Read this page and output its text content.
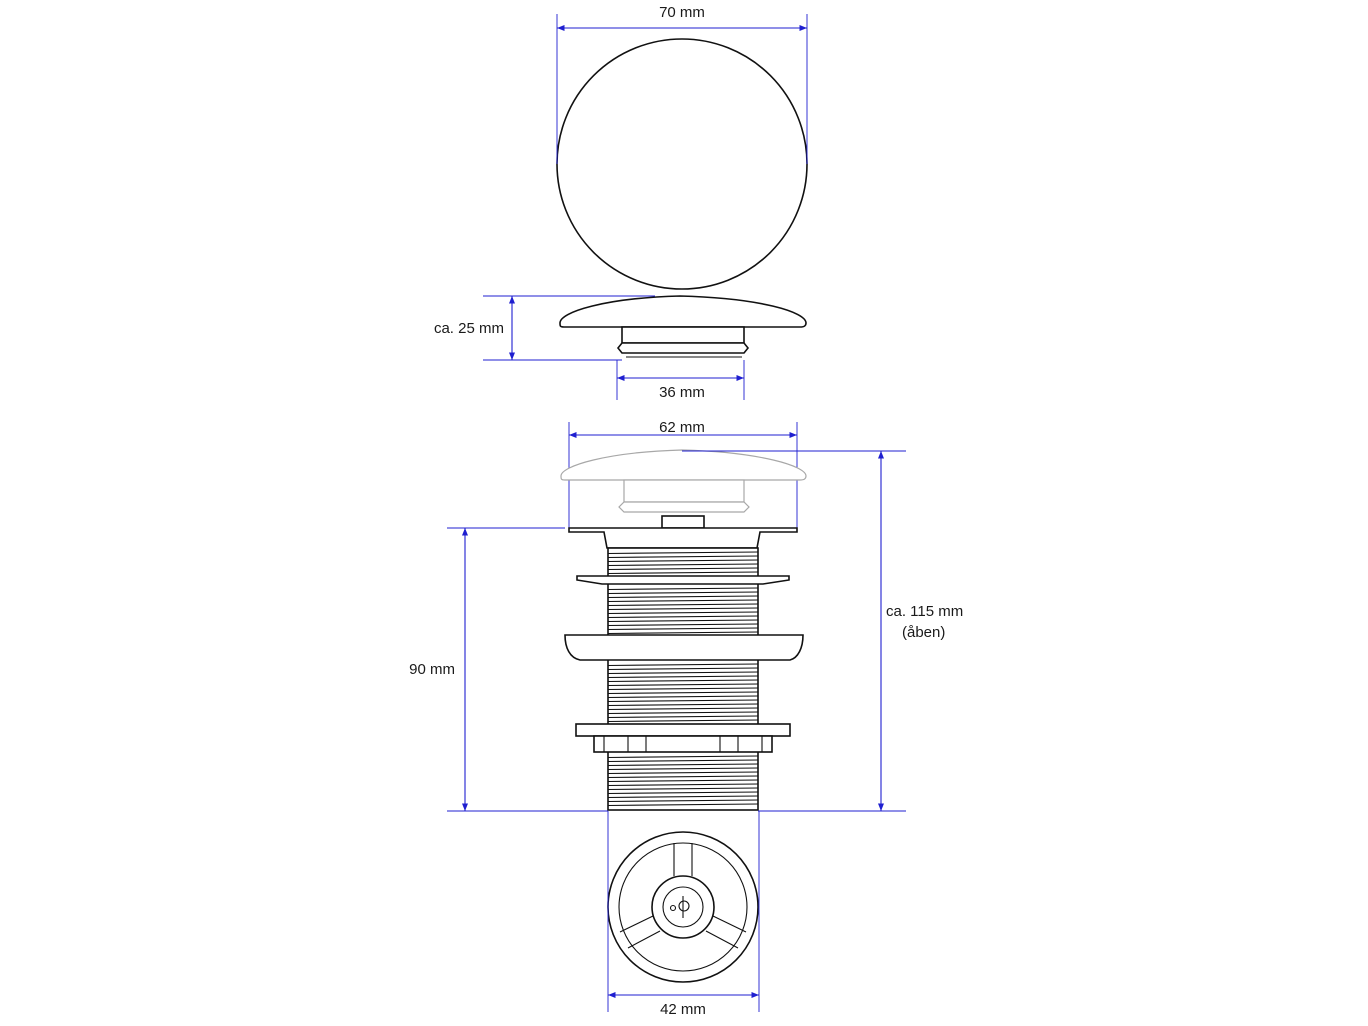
70 mm
ca. 25 mm
36 mm
62 mm
90 mm
ca. 115 mm
(åben)
42 mm
